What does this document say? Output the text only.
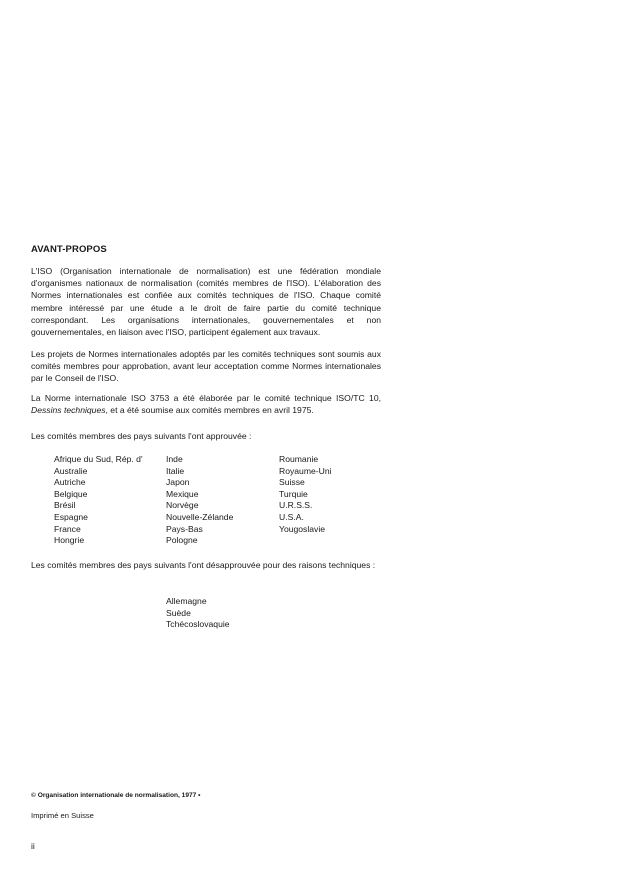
AVANT-PROPOS

L'ISO (Organisation internationale de normalisation) est une fédération mondiale d'organismes nationaux de normalisation (comités membres de l'ISO). L'élaboration des Normes internationales est confiée aux comités techniques de l'ISO. Chaque comité membre intéressé par une étude a le droit de faire partie du comité technique correspondant. Les organisations internationales, gouvernementales et non gouvernementales, en liaison avec l'ISO, participent également aux travaux.

Les projets de Normes internationales adoptés par les comités techniques sont soumis aux comités membres pour approbation, avant leur acceptation comme Normes internationales par le Conseil de l'ISO.

La Norme internationale ISO 3753 a été élaborée par le comité technique ISO/TC 10, Dessins techniques, et a été soumise aux comités membres en avril 1975.

Les comités membres des pays suivants l'ont approuvée :

Afrique du Sud, Rép. d'
Australie
Autriche
Belgique
Brésil
Espagne
France
Hongrie
Inde
Italie
Japon
Mexique
Norvège
Nouvelle-Zélande
Pays-Bas
Pologne
Roumanie
Royaume-Uni
Suisse
Turquie
U.R.S.S.
U.S.A.
Yougoslavie

Les comités membres des pays suivants l'ont désapprouvée pour des raisons techniques :

Allemagne
Suède
Tchécoslovaquie
© Organisation internationale de normalisation, 1977 •
Imprimé en Suisse
ii
